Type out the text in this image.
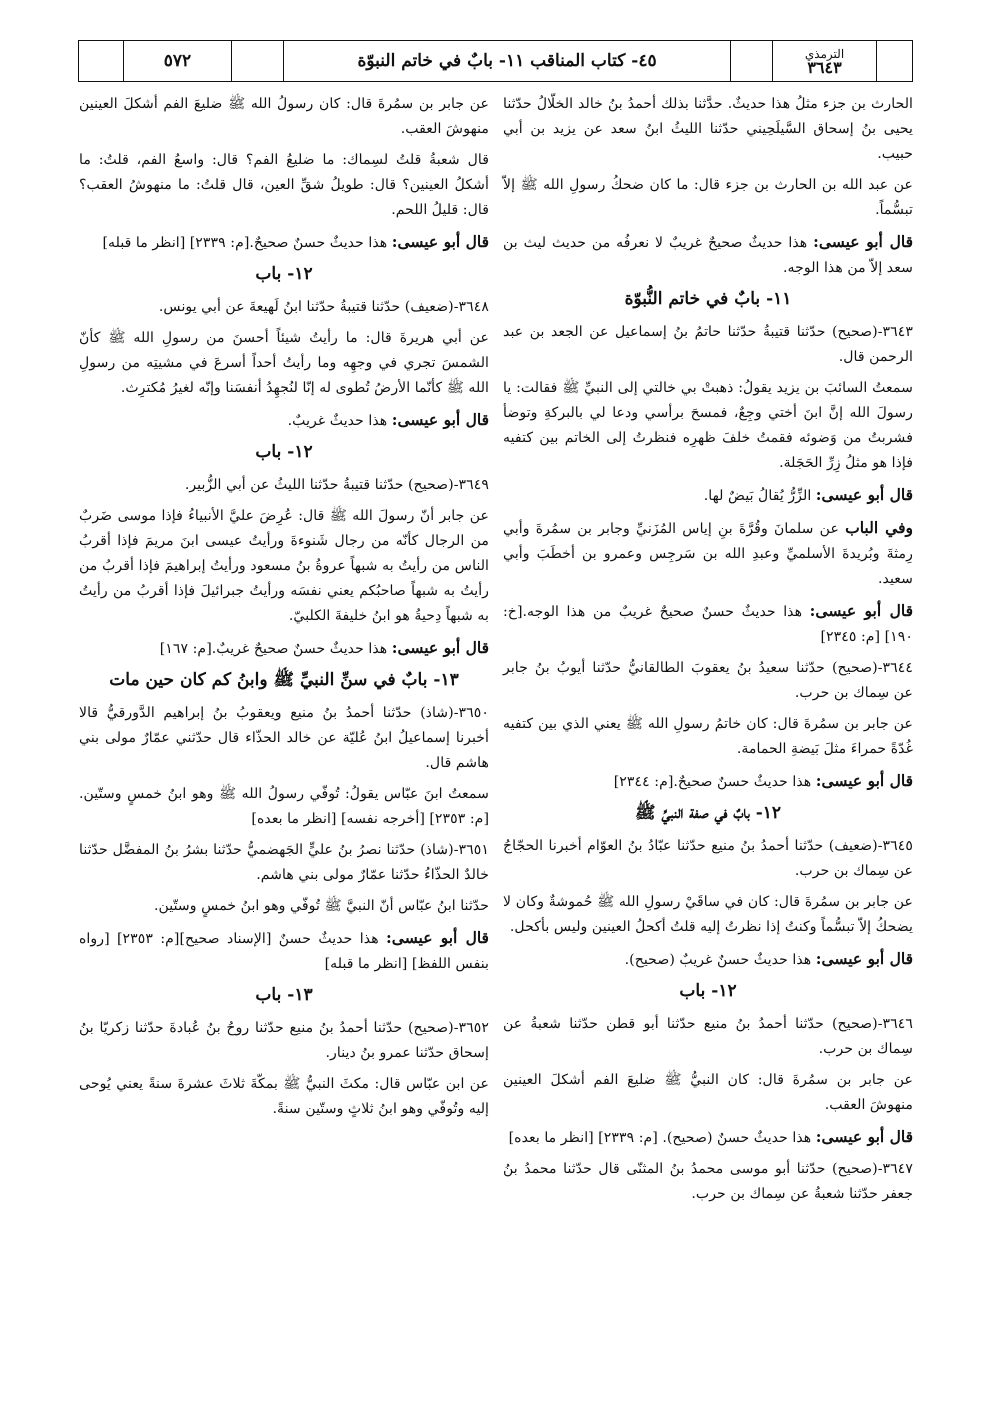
٥٧٢	٤٥- كتاب المناقب ١١- بابٌ في خاتم النبوّة	الترمذي
٣٦٤٣

الحارث بن جزء مثلُ هذا حديثٌ. حدَّثنا بذلك أحمدُ بنُ خالد الخلّالُ حدّثنا يحيى بنُ إسحاق السَّيلَحِيني حدّثنا الليثُ ابنُ سعد عن يزيد بن أبي حبيب.

عن عبد الله بن الحارث بن جزء قال: ما كان ضحكُ رسولِ الله ﷺ إلاّ تبسُّماً.

قال أبو عيسى: هذا حديثٌ صحيحٌ غريبٌ لا نعرفُه من حديث ليث بن سعد إلاّ من هذا الوجه.

١١- بابٌ في خاتم النُّبوّة

٣٦٤٣-(صحيح) حدّثنا قتيبةُ حدّثنا حاتمُ بنُ إسماعيل عن الجعد بن عبد الرحمن قال.

سمعتُ السائبَ بن يزيد يقولُ: ذهبتْ بي خالتي إلى النبيِّ ﷺ فقالت: يا رسولَ الله إنَّ ابنَ أختي وجِعٌ، فمسحَ برأسي ودعا لي بالبركةِ وتوضأ فشربتُ من وَضوئه فقمتُ خلفَ ظهرِه فنظرتُ إلى الخاتم بين كتفيه فإذا هو مثلُ زِرِّ الحَجَلة.

قال أبو عيسى: الزِّرُّ يُقالُ بَيضٌ لها.

وفي الباب عن سلمانَ وقُرَّةَ بنِ إياس المُزَنيِّ وجابر بن سمُرةَ وأبي رِمثةَ وبُريدةَ الأسلميِّ وعبدِ الله بن سَرجِس وعمرو بن أخطَبَ وأبي سعيد.

قال أبو عيسى: هذا حديثٌ حسنٌ صحيحٌ غريبٌ من هذا الوجه.[خ: ١٩٠] [م: ٢٣٤٥]

٣٦٤٤-(صحيح) حدّثنا سعيدُ بنُ يعقوبَ الطالقانيُّ حدّثنا أيوبُ بنُ جابر عن سِماك بن حرب.

عن جابر بن سمُرةَ قال: كان خاتمُ رسولِ الله ﷺ يعني الذي بين كتفيه غُدّةً حمراءَ مثلَ بَيضةِ الحمامة.

قال أبو عيسى: هذا حديثٌ حسنٌ صحيحٌ.[م: ٢٣٤٤]

١٢- بابٌ في صفة النبيِّ ﷺ

٣٦٤٥-(ضعيف) حدّثنا أحمدُ بنُ منيع حدّثنا عبّادُ بنُ العوّام أخبرنا الحجّاجُ عن سِماك بن حرب.

عن جابر بن سمُرةَ قال: كان في ساقَيْ رسولِ الله ﷺ حُموشةٌ وكان لا يضحكُ إلاّ تبسُّماً وكنتُ إذا نظرتُ إليه قلتُ أكحلُ العينين وليس بأكحل.

قال أبو عيسى: هذا حديثٌ حسنٌ غريبٌ (صحيح).

١٢- باب

٣٦٤٦-(صحيح) حدّثنا أحمدُ بنُ منيع حدّثنا أبو قطن حدّثنا شعبةُ عن سِماك بن حرب.

عن جابر بن سمُرةَ قال: كان النبيُّ ﷺ ضليعَ الفم أشكلَ العينين منهوشَ العقب.

قال أبو عيسى: هذا حديثٌ حسنٌ (صحيح). [م: ٢٣٣٩] [انظر ما بعده]

٣٦٤٧-(صحيح) حدّثنا أبو موسى محمدُ بنُ المثنّى قال حدّثنا محمدُ بنُ جعفر حدّثنا شعبةُ عن سِماك بن حرب.

عن جابر بن سمُرةَ قال: كان رسولُ الله ﷺ ضليعَ الفم أشكلَ العينين منهوشَ العقب.

قال شعبةُ قلتُ لسِماك: ما ضليعُ الفم؟ قال: واسعُ الفم، قلتُ: ما أشكلُ العينين؟ قال: طويلُ شقِّ العين، قال قلتُ: ما منهوشُ العقب؟ قال: قليلُ اللحم.

قال أبو عيسى: هذا حديثٌ حسنٌ صحيحٌ.[م: ٢٣٣٩] [انظر ما قبله]

١٢- باب

٣٦٤٨-(ضعيف) حدّثنا قتيبةُ حدّثنا ابنُ لَهيعةَ عن أبي يونس.

عن أبي هريرةَ قال: ما رأيتُ شيئاً أحسنَ من رسولِ الله ﷺ كأنّ الشمسَ تجري في وجهِه وما رأيتُ أحداً أسرعَ في مشيتِه من رسولِ الله ﷺ كأنّما الأرضُ تُطوى له إنّا لنُجهِدُ أنفسَنا وإنّه لغيرُ مُكترِث.

قال أبو عيسى: هذا حديثٌ غريبٌ.

١٢- باب

٣٦٤٩-(صحيح) حدّثنا قتيبةُ حدّثنا الليثُ عن أبي الزُّبير.

عن جابر أنّ رسولَ الله ﷺ قال: عُرِضَ عليَّ الأنبياءُ فإذا موسى ضَربٌ من الرجال كأنّه من رجال شَنوءةَ ورأيتُ عيسى ابنَ مريمَ فإذا أقربُ الناس من رأيتُ به شبهاً عروةُ بنُ مسعود ورأيتُ إبراهيمَ فإذا أقربُ من رأيتُ به شبهاً صاحبُكم يعني نفسَه ورأيتُ جبرائيلَ فإذا أقربُ من رأيتُ به شبهاً دِحيةُ هو ابنُ خليفةَ الكلبيّ.

قال أبو عيسى: هذا حديثٌ حسنٌ صحيحٌ غريبٌ.[م: ١٦٧]

١٣- بابٌ في سنِّ النبيِّ ﷺ وابنُ كم كان حين مات

٣٦٥٠-(شاذ) حدّثنا أحمدُ بنُ منيع ويعقوبُ بنُ إبراهيم الدَّورقيُّ قالا أخبرنا إسماعيلُ ابنُ عُليّة عن خالد الحذّاء قال حدّثني عمّارٌ مولى بني هاشم قال.

سمعتُ ابنَ عبّاس يقولُ: تُوفّي رسولُ الله ﷺ وهو ابنُ خمسٍ وستّين.[م: ٢٣٥٣] [أخرجه نفسه] [انظر ما بعده]

٣٦٥١-(شاذ) حدّثنا نصرُ بنُ عليٍّ الجَهضميُّ حدّثنا بشرُ بنُ المفضَّل حدّثنا خالدٌ الحذّاءُ حدّثنا عمّارٌ مولى بني هاشم.

حدّثنا ابنُ عبّاس أنّ النبيَّ ﷺ تُوفّي وهو ابنُ خمسٍ وستّين.

قال أبو عيسى: هذا حديثٌ حسنٌ [الإسناد صحيح][م: ٢٣٥٣] [رواه بنفس اللفظ] [انظر ما قبله]

١٣- باب

٣٦٥٢-(صحيح) حدّثنا أحمدُ بنُ منيع حدّثنا روحُ بنُ عُبادةَ حدّثنا زكريّا بنُ إسحاق حدّثنا عمرو بنُ دينار.

عن ابن عبّاس قال: مكثَ النبيُّ ﷺ بمكّةَ ثلاثَ عشرةَ سنةً يعني يُوحى إليه وتُوفّي وهو ابنُ ثلاثٍ وستّين سنةً.
